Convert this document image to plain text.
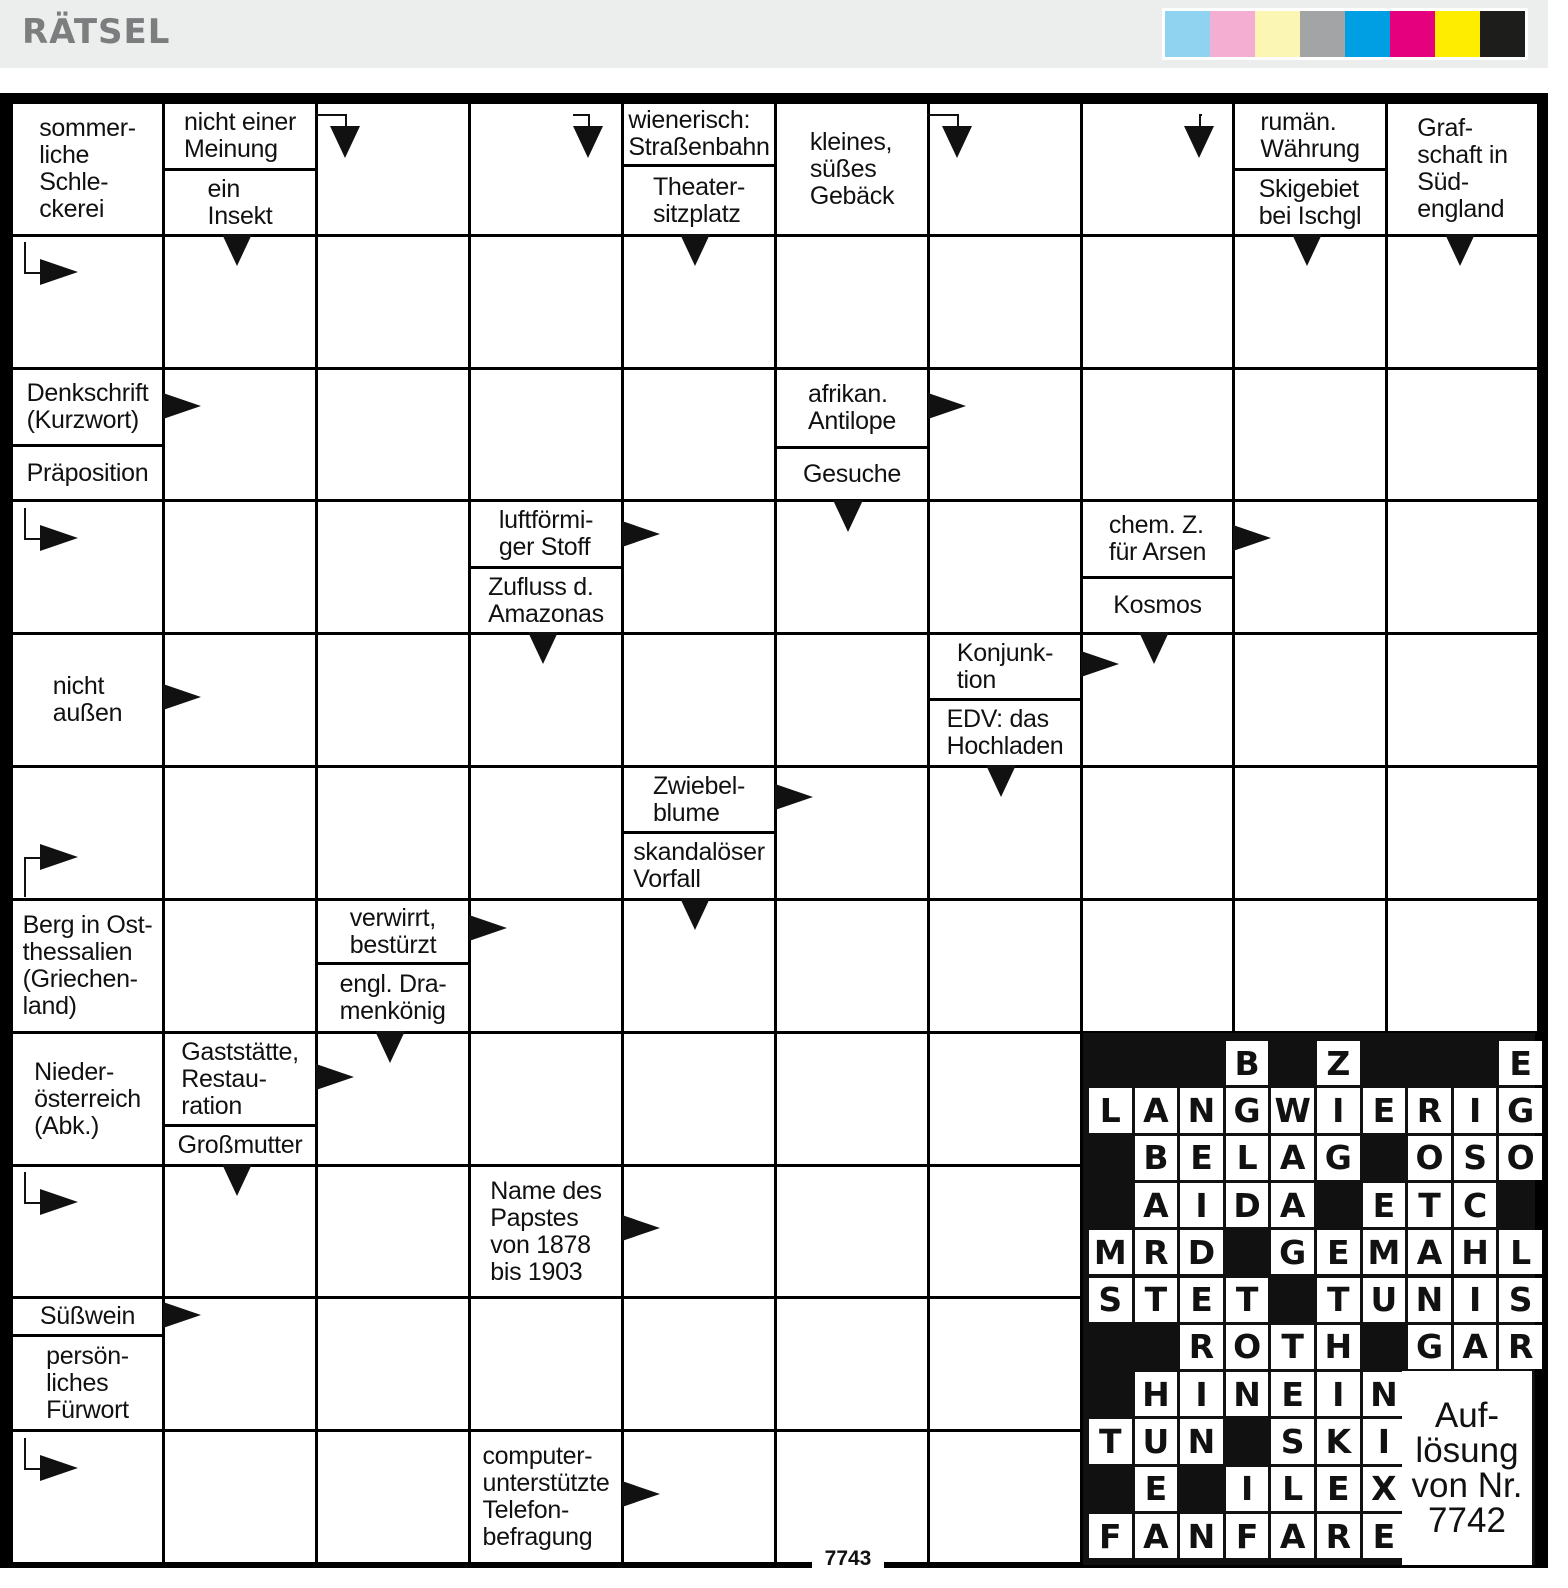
RÄTSEL
sommer-
liche
Schle-
ckerei
nicht einer
Meinung
ein
Insekt
wienerisch:
Straßenbahn
Theater-
sitzplatz
kleines,
süßes
Gebäck
rumän.
Währung
Skigebiet
bei Ischgl
Graf-
schaft in
Süd-
england
Denkschrift
(Kurzwort)
Präposition
afrikan.
Antilope
Gesuche
luftförmi-
ger Stoff
Zufluss d.
Amazonas
chem. Z.
für Arsen
Kosmos
nicht
außen
Konjunk-
tion
EDV: das
Hochladen
Zwiebel-
blume
skandalöser
Vorfall
Berg in Ost-
thessalien
(Griechen-
land)
verwirrt,
bestürzt
engl. Dra-
menkönig
Nieder-
österreich
(Abk.)
Gaststätte,
Restau-
ration
Großmutter
Name des
Papstes
von 1878
bis 1903
Süßwein
persön-
liches
Fürwort
computer-
unterstützte
Telefon-
befragung
B Z	E
L A N G W I E R I G
B E L A G O S O
A I D A	E T C
M R D G E M A H L
S T E T	T U N I S
R O T H G A R
H I N E I N
T U N S K I
E	I L E X
F A N F A R E
Auf-
lösung
von Nr.
7742
7743
